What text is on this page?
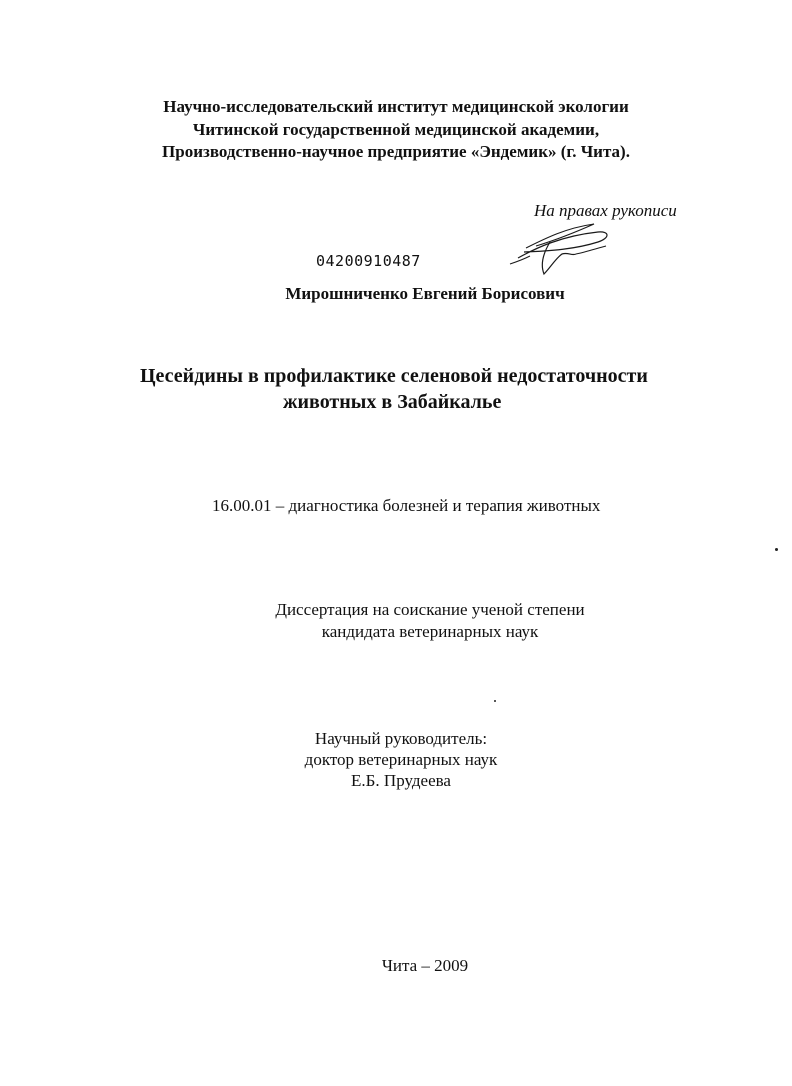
Научно-исследовательский институт медицинской экологии
Читинской государственной медицинской академии,
Производственно-научное предприятие «Эндемик» (г. Чита).
На правах рукописи
04200910487
Мирошниченко Евгений Борисович
Цесейдины в профилактике селеновой недостаточности
животных в Забайкалье
16.00.01 – диагностика болезней и терапия животных
Диссертация на соискание ученой степени
кандидата ветеринарных наук
Научный руководитель:
доктор ветеринарных наук
Е.Б. Прудеева
Чита – 2009
